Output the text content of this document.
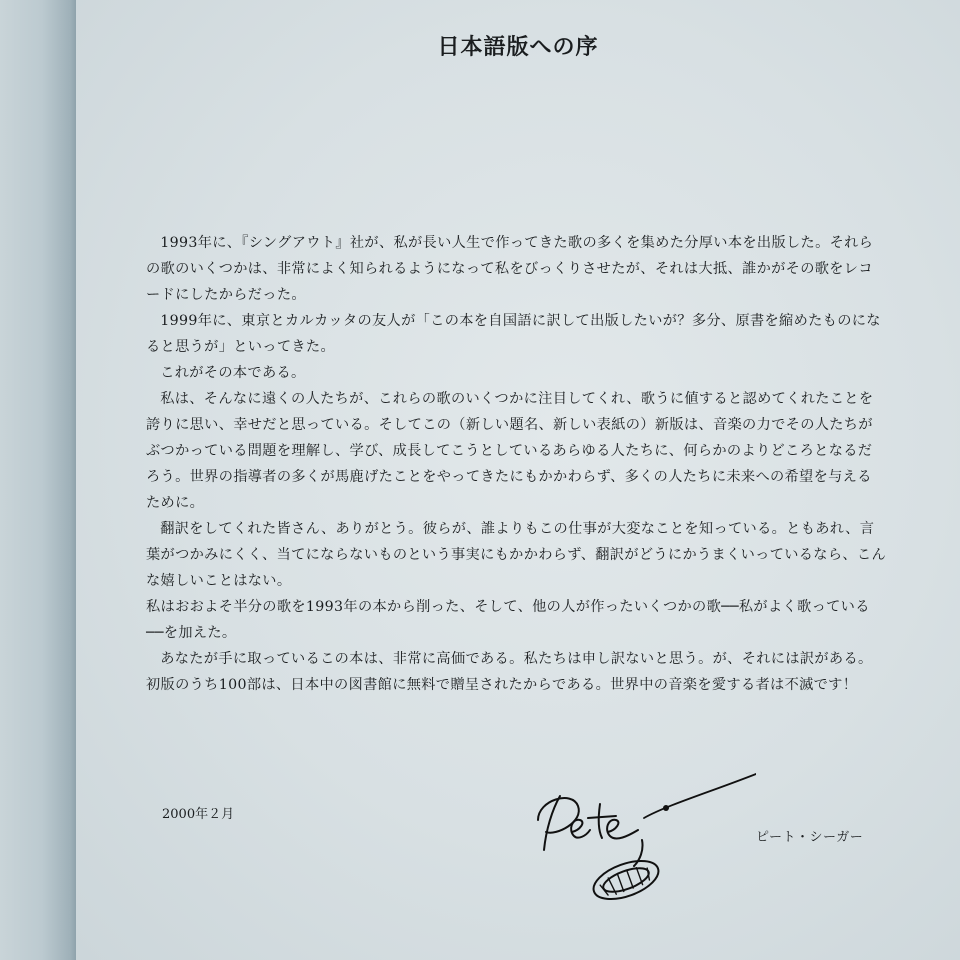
日本語版への序

1993年に、『シングアウト』社が、私が長い人生で作ってきた歌の多くを集めた分厚い本を出版した。それらの歌のいくつかは、非常によく知られるようになって私をびっくりさせたが、それは大抵、誰かがその歌をレコードにしたからだった。

1999年に、東京とカルカッタの友人が「この本を自国語に訳して出版したいが？多分、原書を縮めたものになると思うが」といってきた。

これがその本である。

私は、そんなに遠くの人たちが、これらの歌のいくつかに注目してくれ、歌うに値すると認めてくれたことを誇りに思い、幸せだと思っている。そしてこの（新しい題名、新しい表紙の）新版は、音楽の力でその人たちがぶつかっている問題を理解し、学び、成長してこうとしているあらゆる人たちに、何らかのよりどころとなるだろう。世界の指導者の多くが馬鹿げたことをやってきたにもかかわらず、多くの人たちに未来への希望を与えるために。

翻訳をしてくれた皆さん、ありがとう。彼らが、誰よりもこの仕事が大変なことを知っている。ともあれ、言葉がつかみにくく、当てにならないものという事実にもかかわらず、翻訳がどうにかうまくいっているなら、こんな嬉しいことはない。

私はおおよそ半分の歌を1993年の本から削った、そして、他の人が作ったいくつかの歌──私がよく歌っている──を加えた。

あなたが手に取っているこの本は、非常に高価である。私たちは申し訳ないと思う。が、それには訳がある。初版のうち100部は、日本中の図書館に無料で贈呈されたからである。世界中の音楽を愛する者は不滅です！

2000年２月

ピート・シーガー
